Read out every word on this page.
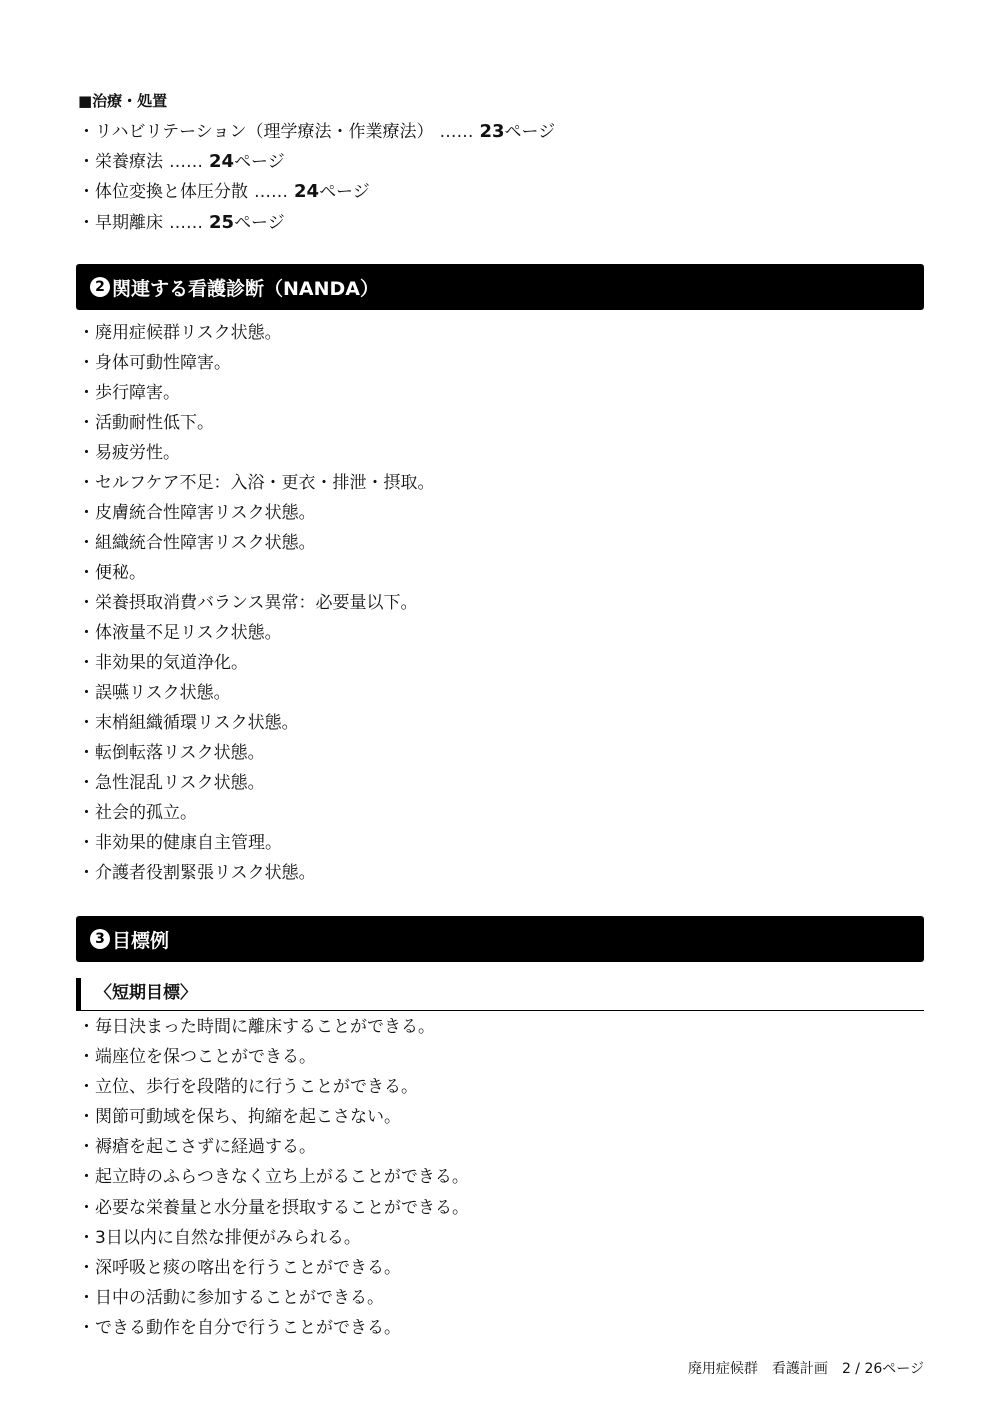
■治療・処置
・リハビリテーション（理学療法・作業療法） …… 23ページ
・栄養療法 …… 24ページ
・体位変換と体圧分散 …… 24ページ
・早期離床 …… 25ページ
2 関連する看護診断（NANDA）
・廃用症候群リスク状態。
・身体可動性障害。
・歩行障害。
・活動耐性低下。
・易疲労性。
・セルフケア不足：入浴・更衣・排泄・摂取。
・皮膚統合性障害リスク状態。
・組織統合性障害リスク状態。
・便秘。
・栄養摂取消費バランス異常：必要量以下。
・体液量不足リスク状態。
・非効果的気道浄化。
・誤嚥リスク状態。
・末梢組織循環リスク状態。
・転倒転落リスク状態。
・急性混乱リスク状態。
・社会的孤立。
・非効果的健康自主管理。
・介護者役割緊張リスク状態。
3 目標例
〈短期目標〉
・毎日決まった時間に離床することができる。
・端座位を保つことができる。
・立位、歩行を段階的に行うことができる。
・関節可動域を保ち、拘縮を起こさない。
・褥瘡を起こさずに経過する。
・起立時のふらつきなく立ち上がることができる。
・必要な栄養量と水分量を摂取することができる。
・3日以内に自然な排便がみられる。
・深呼吸と痰の喀出を行うことができる。
・日中の活動に参加することができる。
・できる動作を自分で行うことができる。
廃用症候群　看護計画　 2 / 26ページ
